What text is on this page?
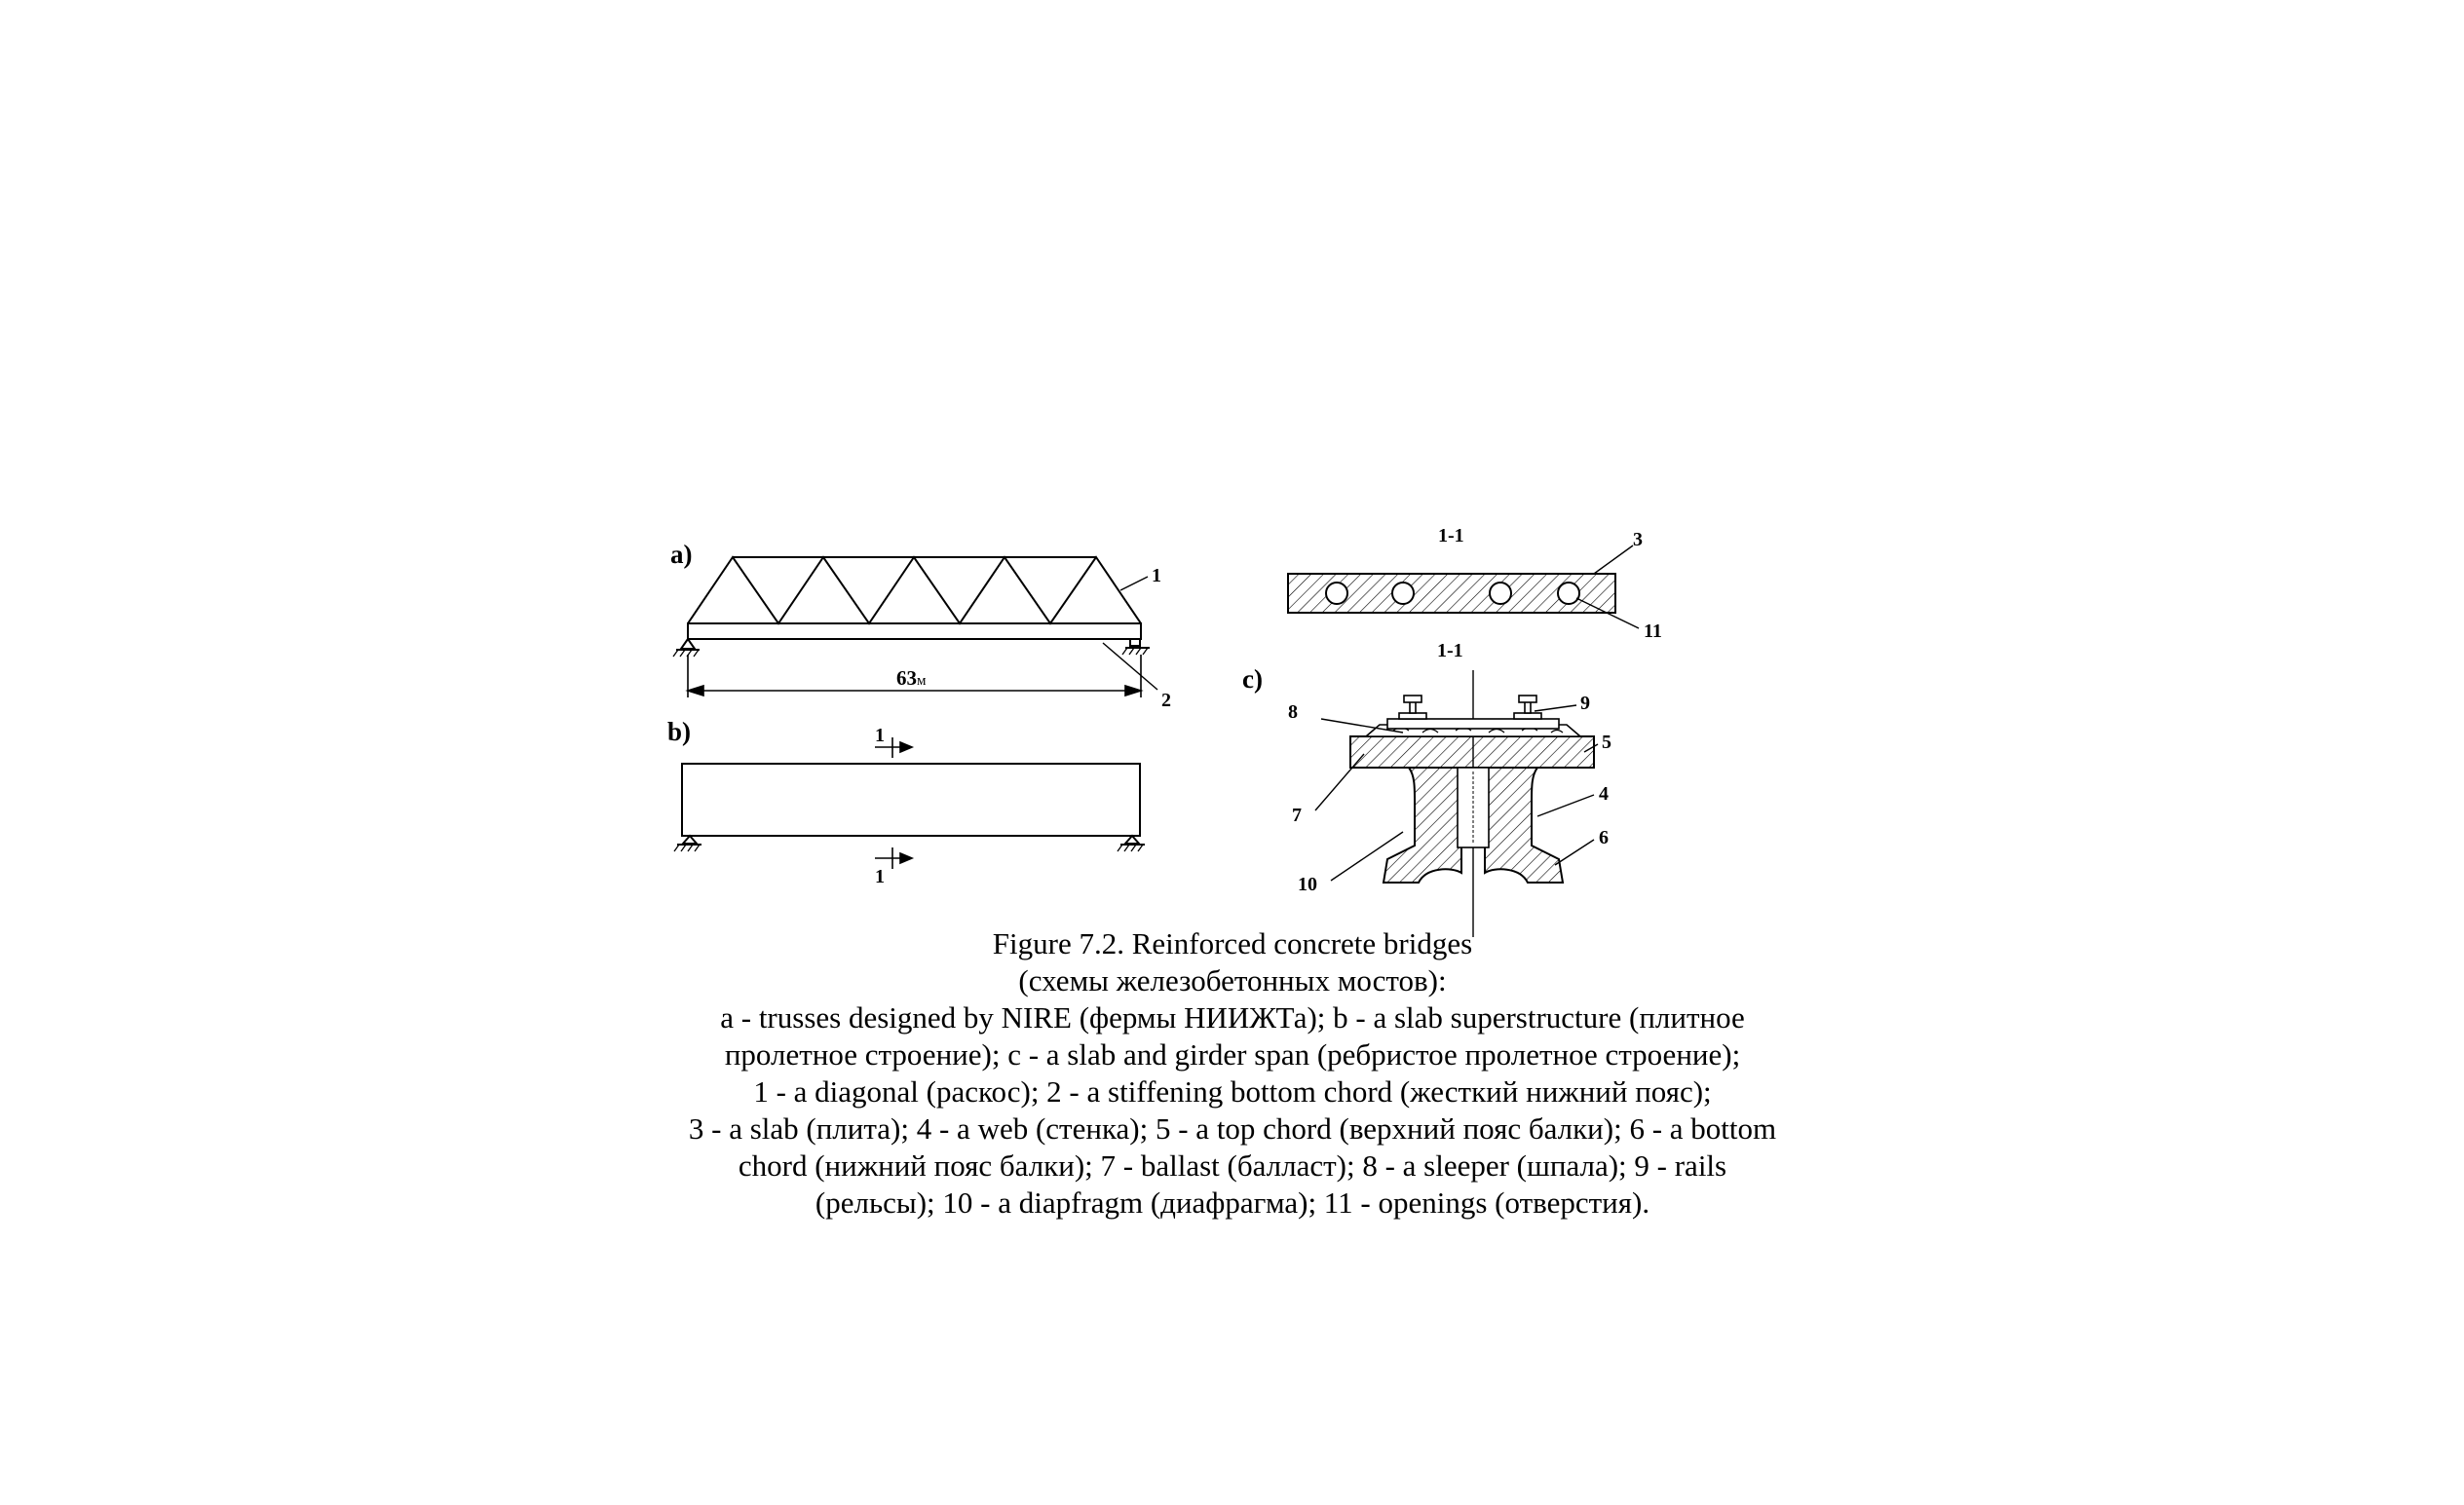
a)
1
2
63м
b)	1
1
1-1	3
11
c)
1-1
8	9
5
7
4
6
10
Figure 7.2. Reinforced concrete bridges
(схемы железобетонных мостов):
a - trusses designed by NIRE (фермы НИИЖТа); b - a slab superstructure (плитное
пролетное строение); c - a slab and girder span (ребристое пролетное строение);
1 - a diagonal (раскос); 2 - a stiffening bottom chord (жесткий нижний пояс);
3 - a slab (плита); 4 - a web (стенка); 5 - a top chord (верхний пояс балки); 6 - a bottom
chord (нижний пояс балки); 7 - ballast (балласт); 8 - a sleeper (шпала); 9 - rails
(рельсы); 10 - a diapfragm (диафрагма); 11 - openings (отверстия).
